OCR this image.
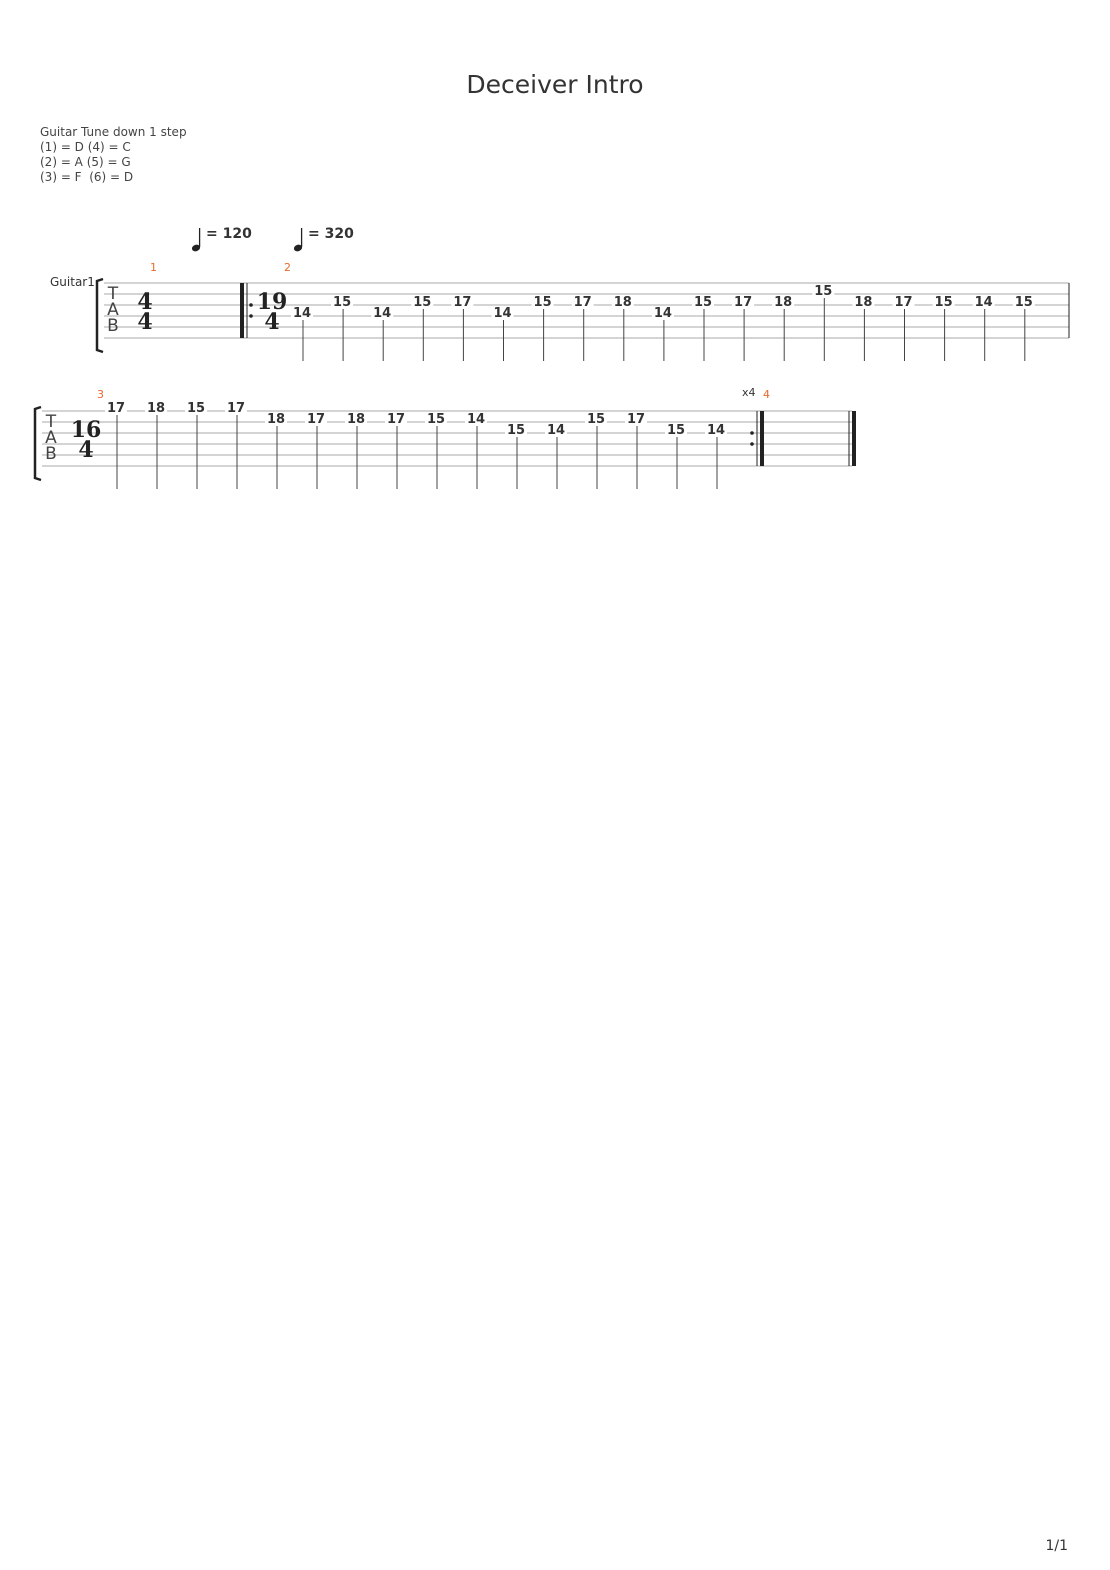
Deceiver Intro
Guitar Tune down 1 step
(1) = D (4) = C
(2) = A (5) = G
(3) = F  (6) = D
Guitar1
T
A
B
4
4
1
19
4
2
14
15
14
15 17
14
15 17 18
14
15 17 18
15
18 17 15 14 15
= 120	= 320
T
A
B
16
4
3
17 18 15 17
18 17 18 17 15 14
15 14
15 17
15 14
x4 4
1/1
